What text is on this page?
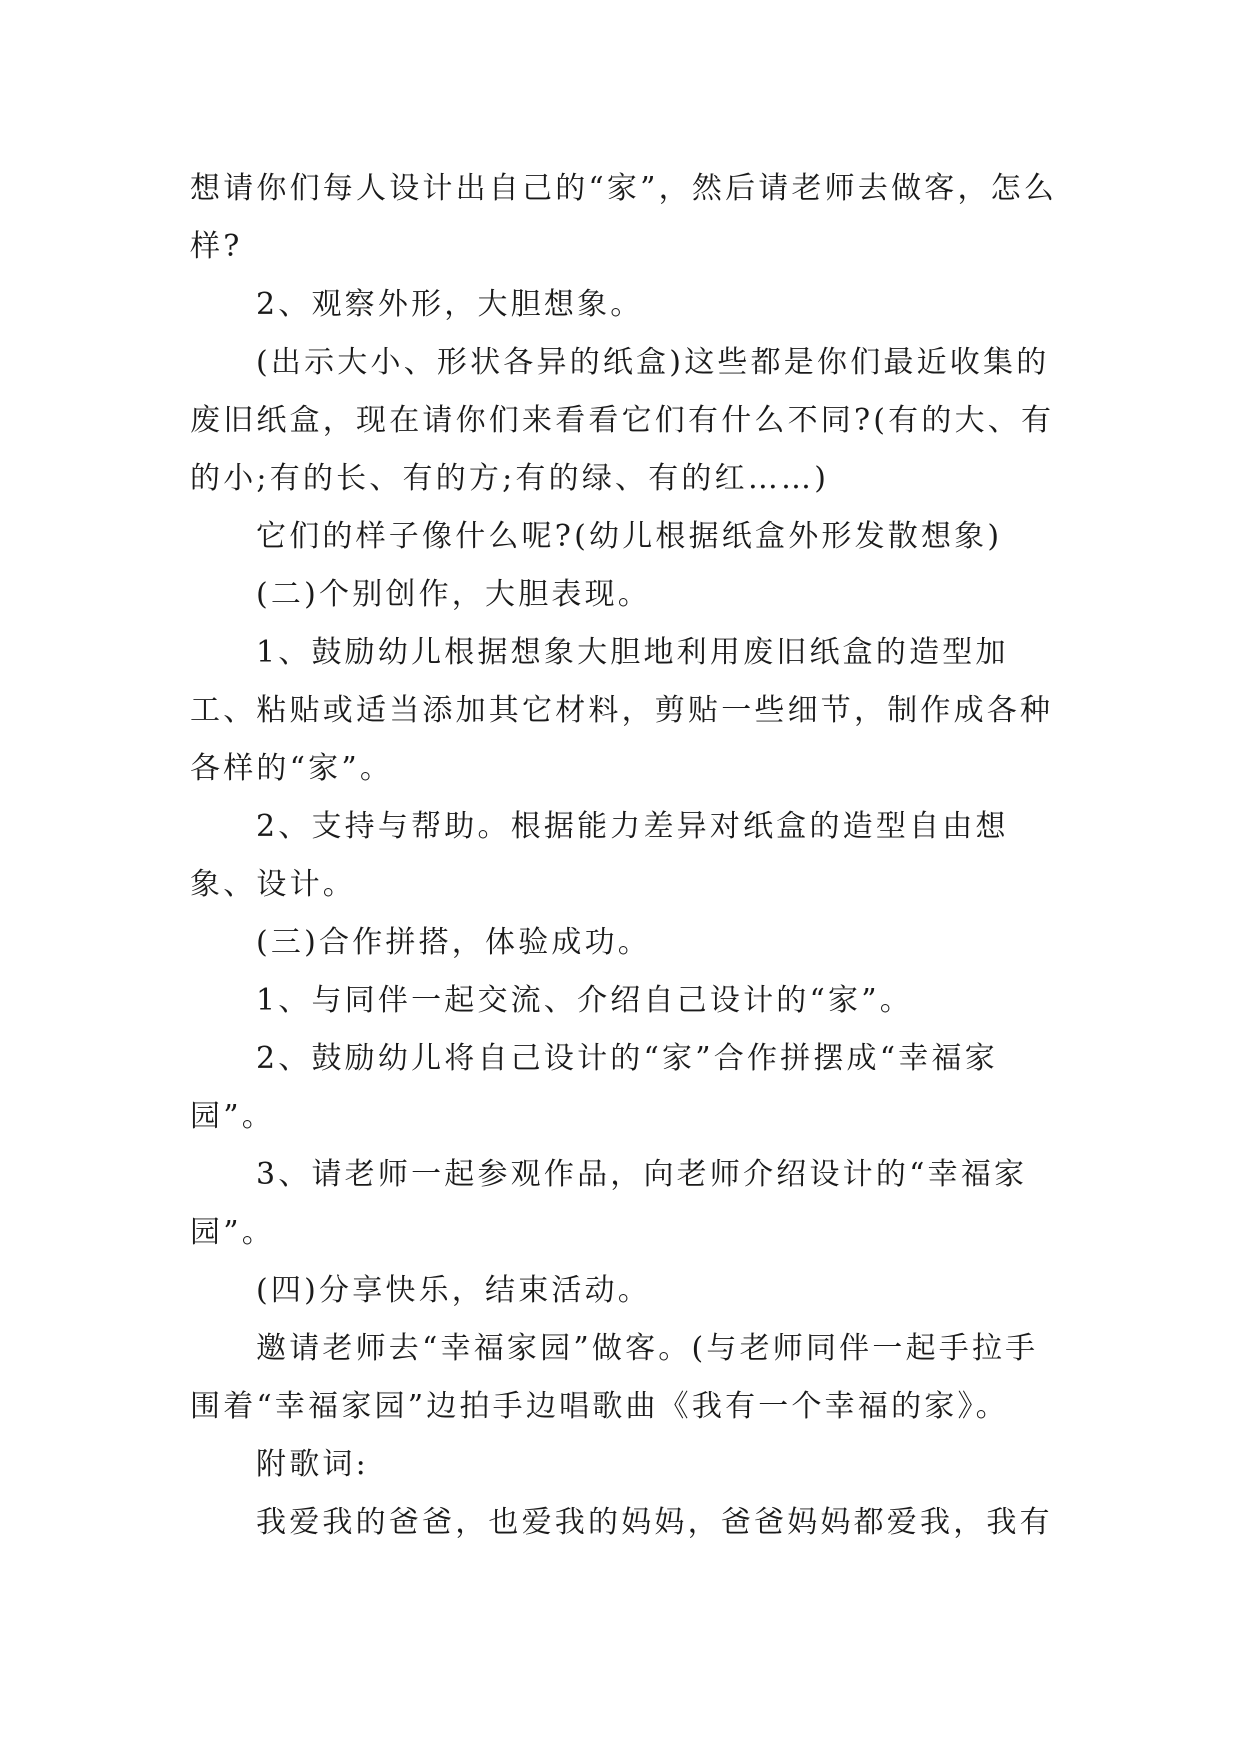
想请你们每人设计出自己的“家”，然后请老师去做客，怎么样?

2、观察外形，大胆想象。

(出示大小、形状各异的纸盒)这些都是你们最近收集的废旧纸盒，现在请你们来看看它们有什么不同?(有的大、有的小;有的长、有的方;有的绿、有的红……)

它们的样子像什么呢?(幼儿根据纸盒外形发散想象)

(二)个别创作，大胆表现。

1、鼓励幼儿根据想象大胆地利用废旧纸盒的造型加工、粘贴或适当添加其它材料，剪贴一些细节，制作成各种各样的“家”。

2、支持与帮助。根据能力差异对纸盒的造型自由想象、设计。

(三)合作拼搭，体验成功。

1、与同伴一起交流、介绍自己设计的“家”。

2、鼓励幼儿将自己设计的“家”合作拼摆成“幸福家园”。

3、请老师一起参观作品，向老师介绍设计的“幸福家园”。

(四)分享快乐，结束活动。

邀请老师去“幸福家园”做客。(与老师同伴一起手拉手围着“幸福家园”边拍手边唱歌曲《我有一个幸福的家》。

附歌词:

我爱我的爸爸，也爱我的妈妈，爸爸妈妈都爱我，我有
